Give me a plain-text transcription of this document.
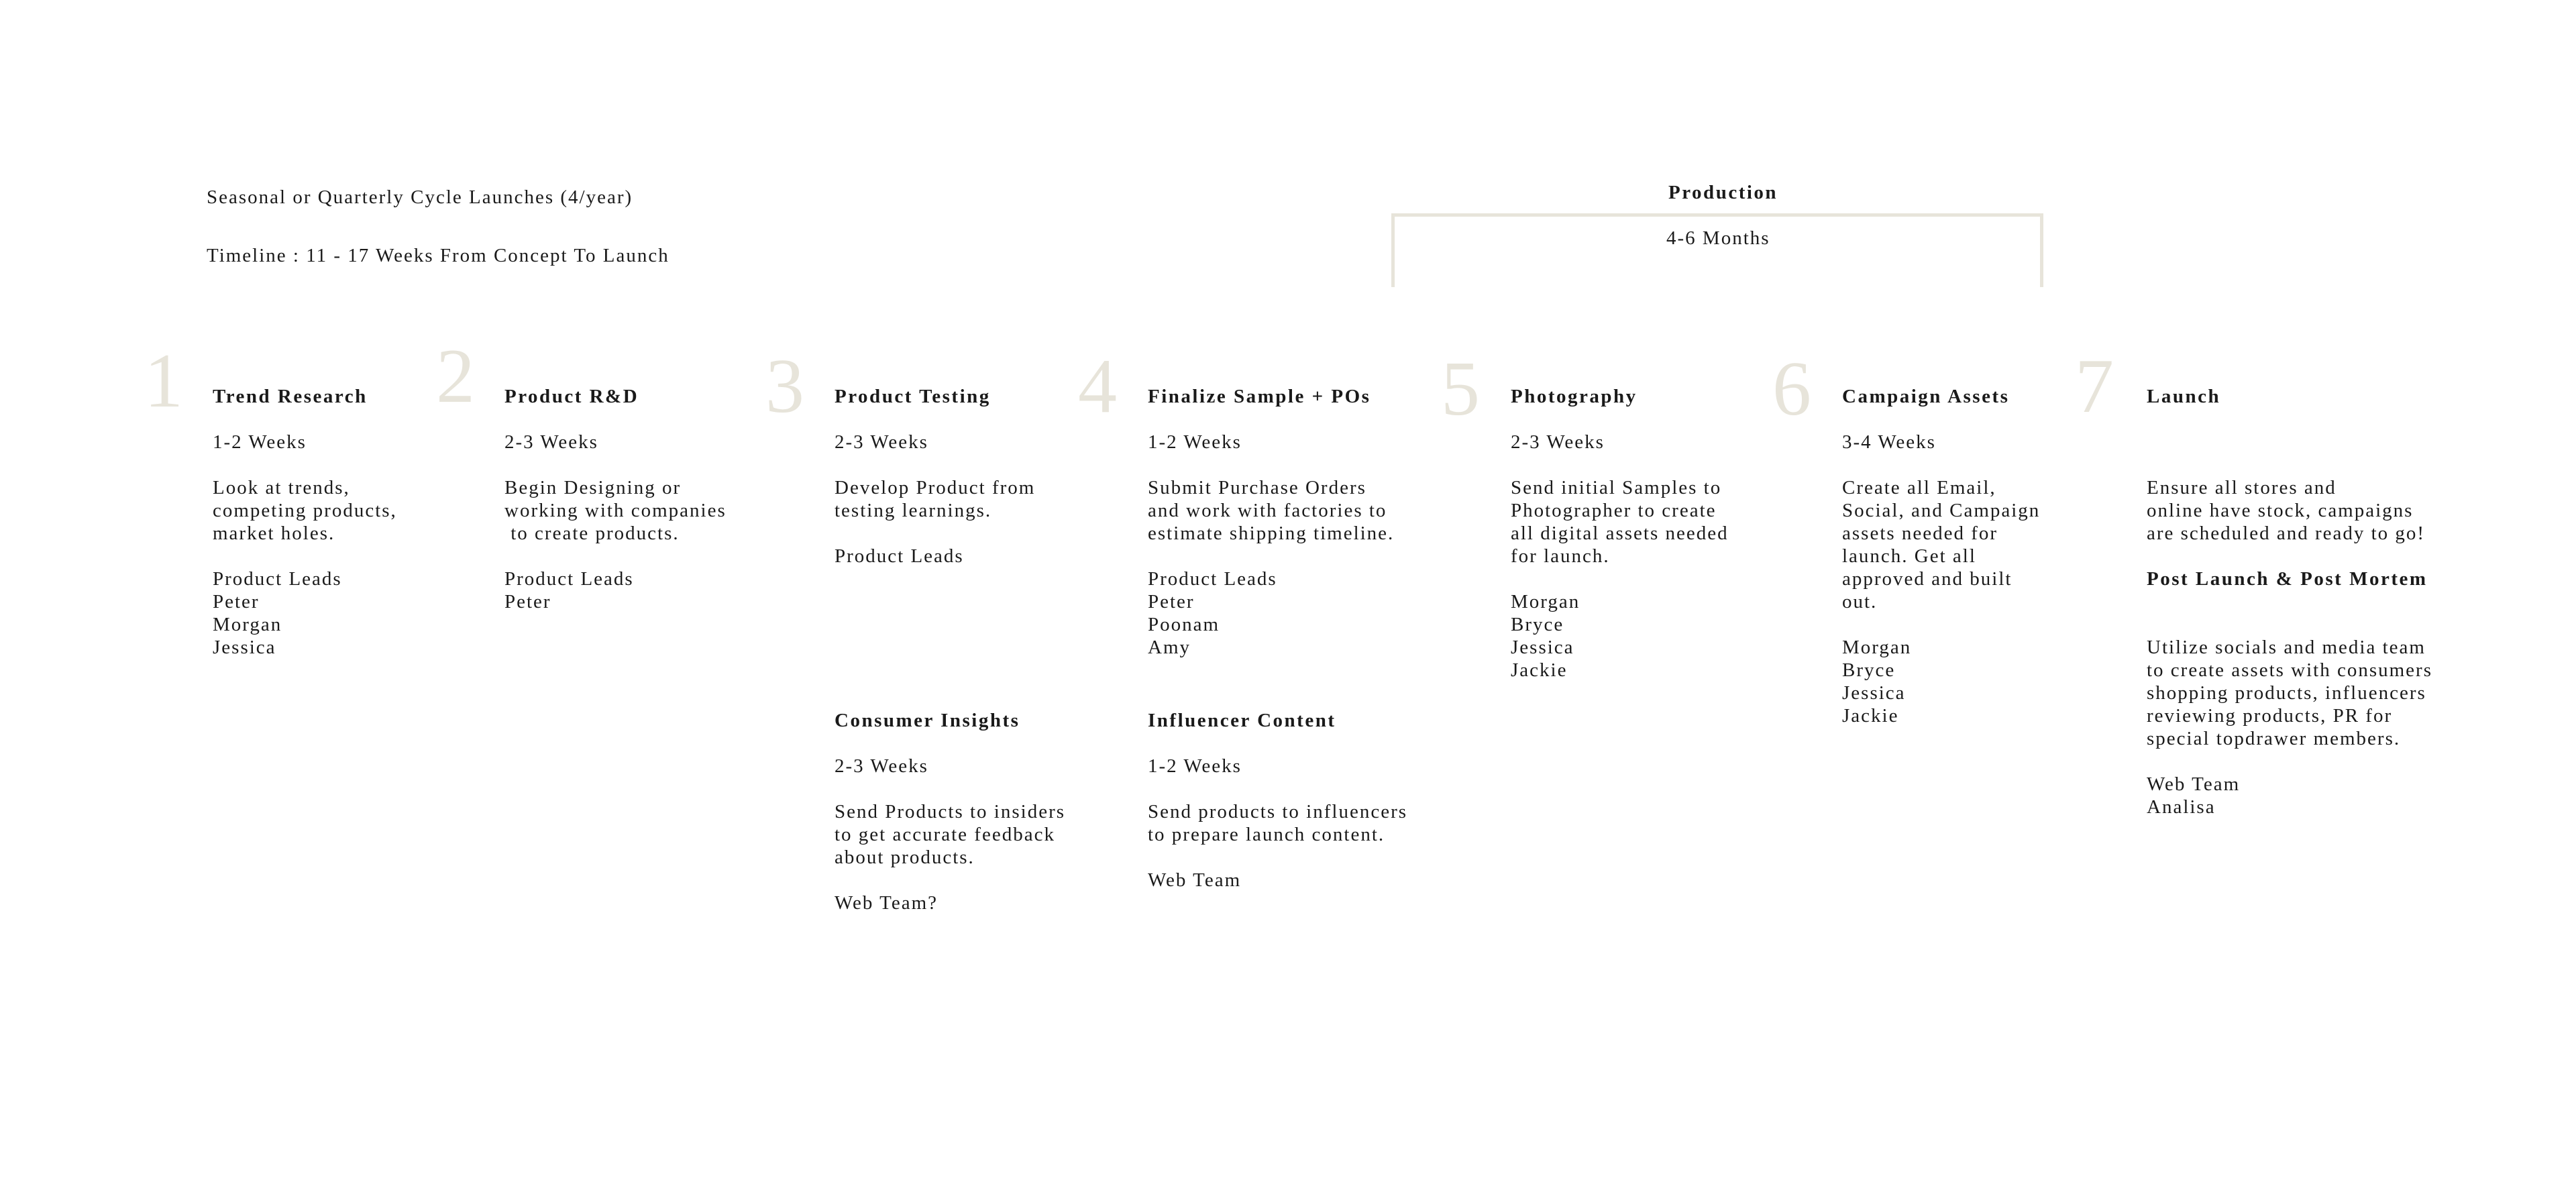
Seasonal or Quarterly Cycle Launches (4/year)
Timeline : 11 - 17 Weeks From Concept To Launch
Production
4-6 Months
1	2	3	4	5	6	7
Trend Research
1-2 Weeks
Look at trends,
competing products,
market holes.
Product Leads
Peter
Morgan
Jessica
Product R&D
2-3 Weeks
Begin Designing or
working with companies
to create products.
Product Leads
Peter
Product Testing
2-3 Weeks
Develop Product from
testing learnings.
Product Leads
Consumer Insights
2-3 Weeks
Send Products to insiders
to get accurate feedback
about products.
Web Team?
Finalize Sample + POs
1-2 Weeks
Submit Purchase Orders
and work with factories to
estimate shipping timeline.
Product Leads
Peter
Poonam
Amy
Influencer Content
1-2 Weeks
Send products to influencers
to prepare launch content.
Web Team
Photography
2-3 Weeks
Send initial Samples to
Photographer to create
all digital assets needed
for launch.
Morgan
Bryce
Jessica
Jackie
Campaign Assets
3-4 Weeks
Create all Email,
Social, and Campaign
assets needed for
launch. Get all
approved and built
out.
Morgan
Bryce
Jessica
Jackie
Launch
Ensure all stores and
online have stock, campaigns
are scheduled and ready to go!
Post Launch & Post Mortem
Utilize socials and media team
to create assets with consumers
shopping products, influencers
reviewing products, PR for
special topdrawer members.
Web Team
Analisa
